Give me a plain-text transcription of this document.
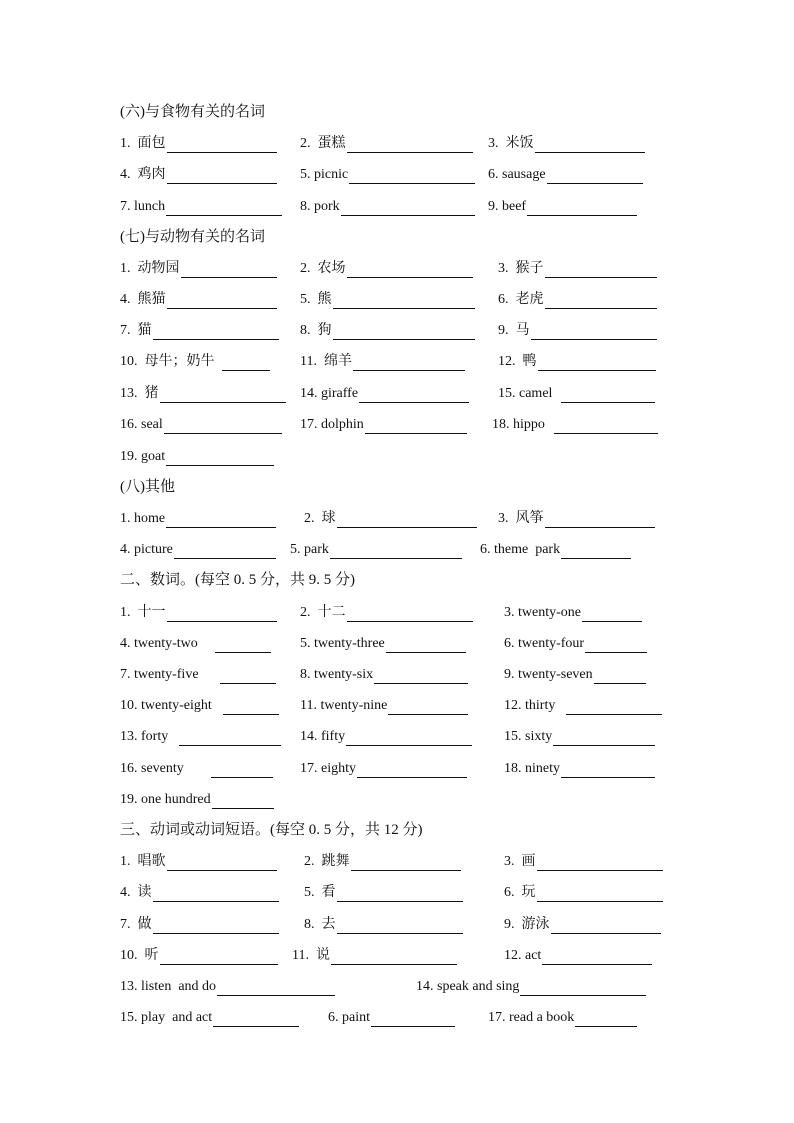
(六)与食物有关的名词
1.  面包	2.  蛋糕	3.  米饭
4.  鸡肉	5. picnic	6. sausage
7. lunch	8. pork	9. beef
(七)与动物有关的名词
1.  动物园	2.  农场	3.  猴子
4.  熊猫	5.  熊	6.  老虎
7.  猫	8.  狗	9.  马
10.  母牛；奶牛	11.  绵羊	12.  鸭
13.  猪	14. giraffe	15. camel
16. seal	17. dolphin	18. hippo
19. goat
(八)其他
1. home	2.  球	3.  风筝
4. picture	5. park	6. theme  park
二、数词。(每空 0. 5 分，共 9. 5 分)
1.  十一	2.  十二	3. twenty-one
4. twenty-two	5. twenty-three	6. twenty-four
7. twenty-five	8. twenty-six	9. twenty-seven
10. twenty-eight	11. twenty-nine	12. thirty
13. forty	14. fifty	15. sixty
16. seventy	17. eighty	18. ninety
19. one hundred
三、动词或动词短语。(每空 0. 5 分，共 12 分)
1.  唱歌	2.  跳舞	3.  画
4.  读	5.  看	6.  玩
7.  做	8.  去	9.  游泳
10.  听	11.  说	12. act
13. listen  and do	14. speak and sing
15. play  and act	6. paint	17. read a book
